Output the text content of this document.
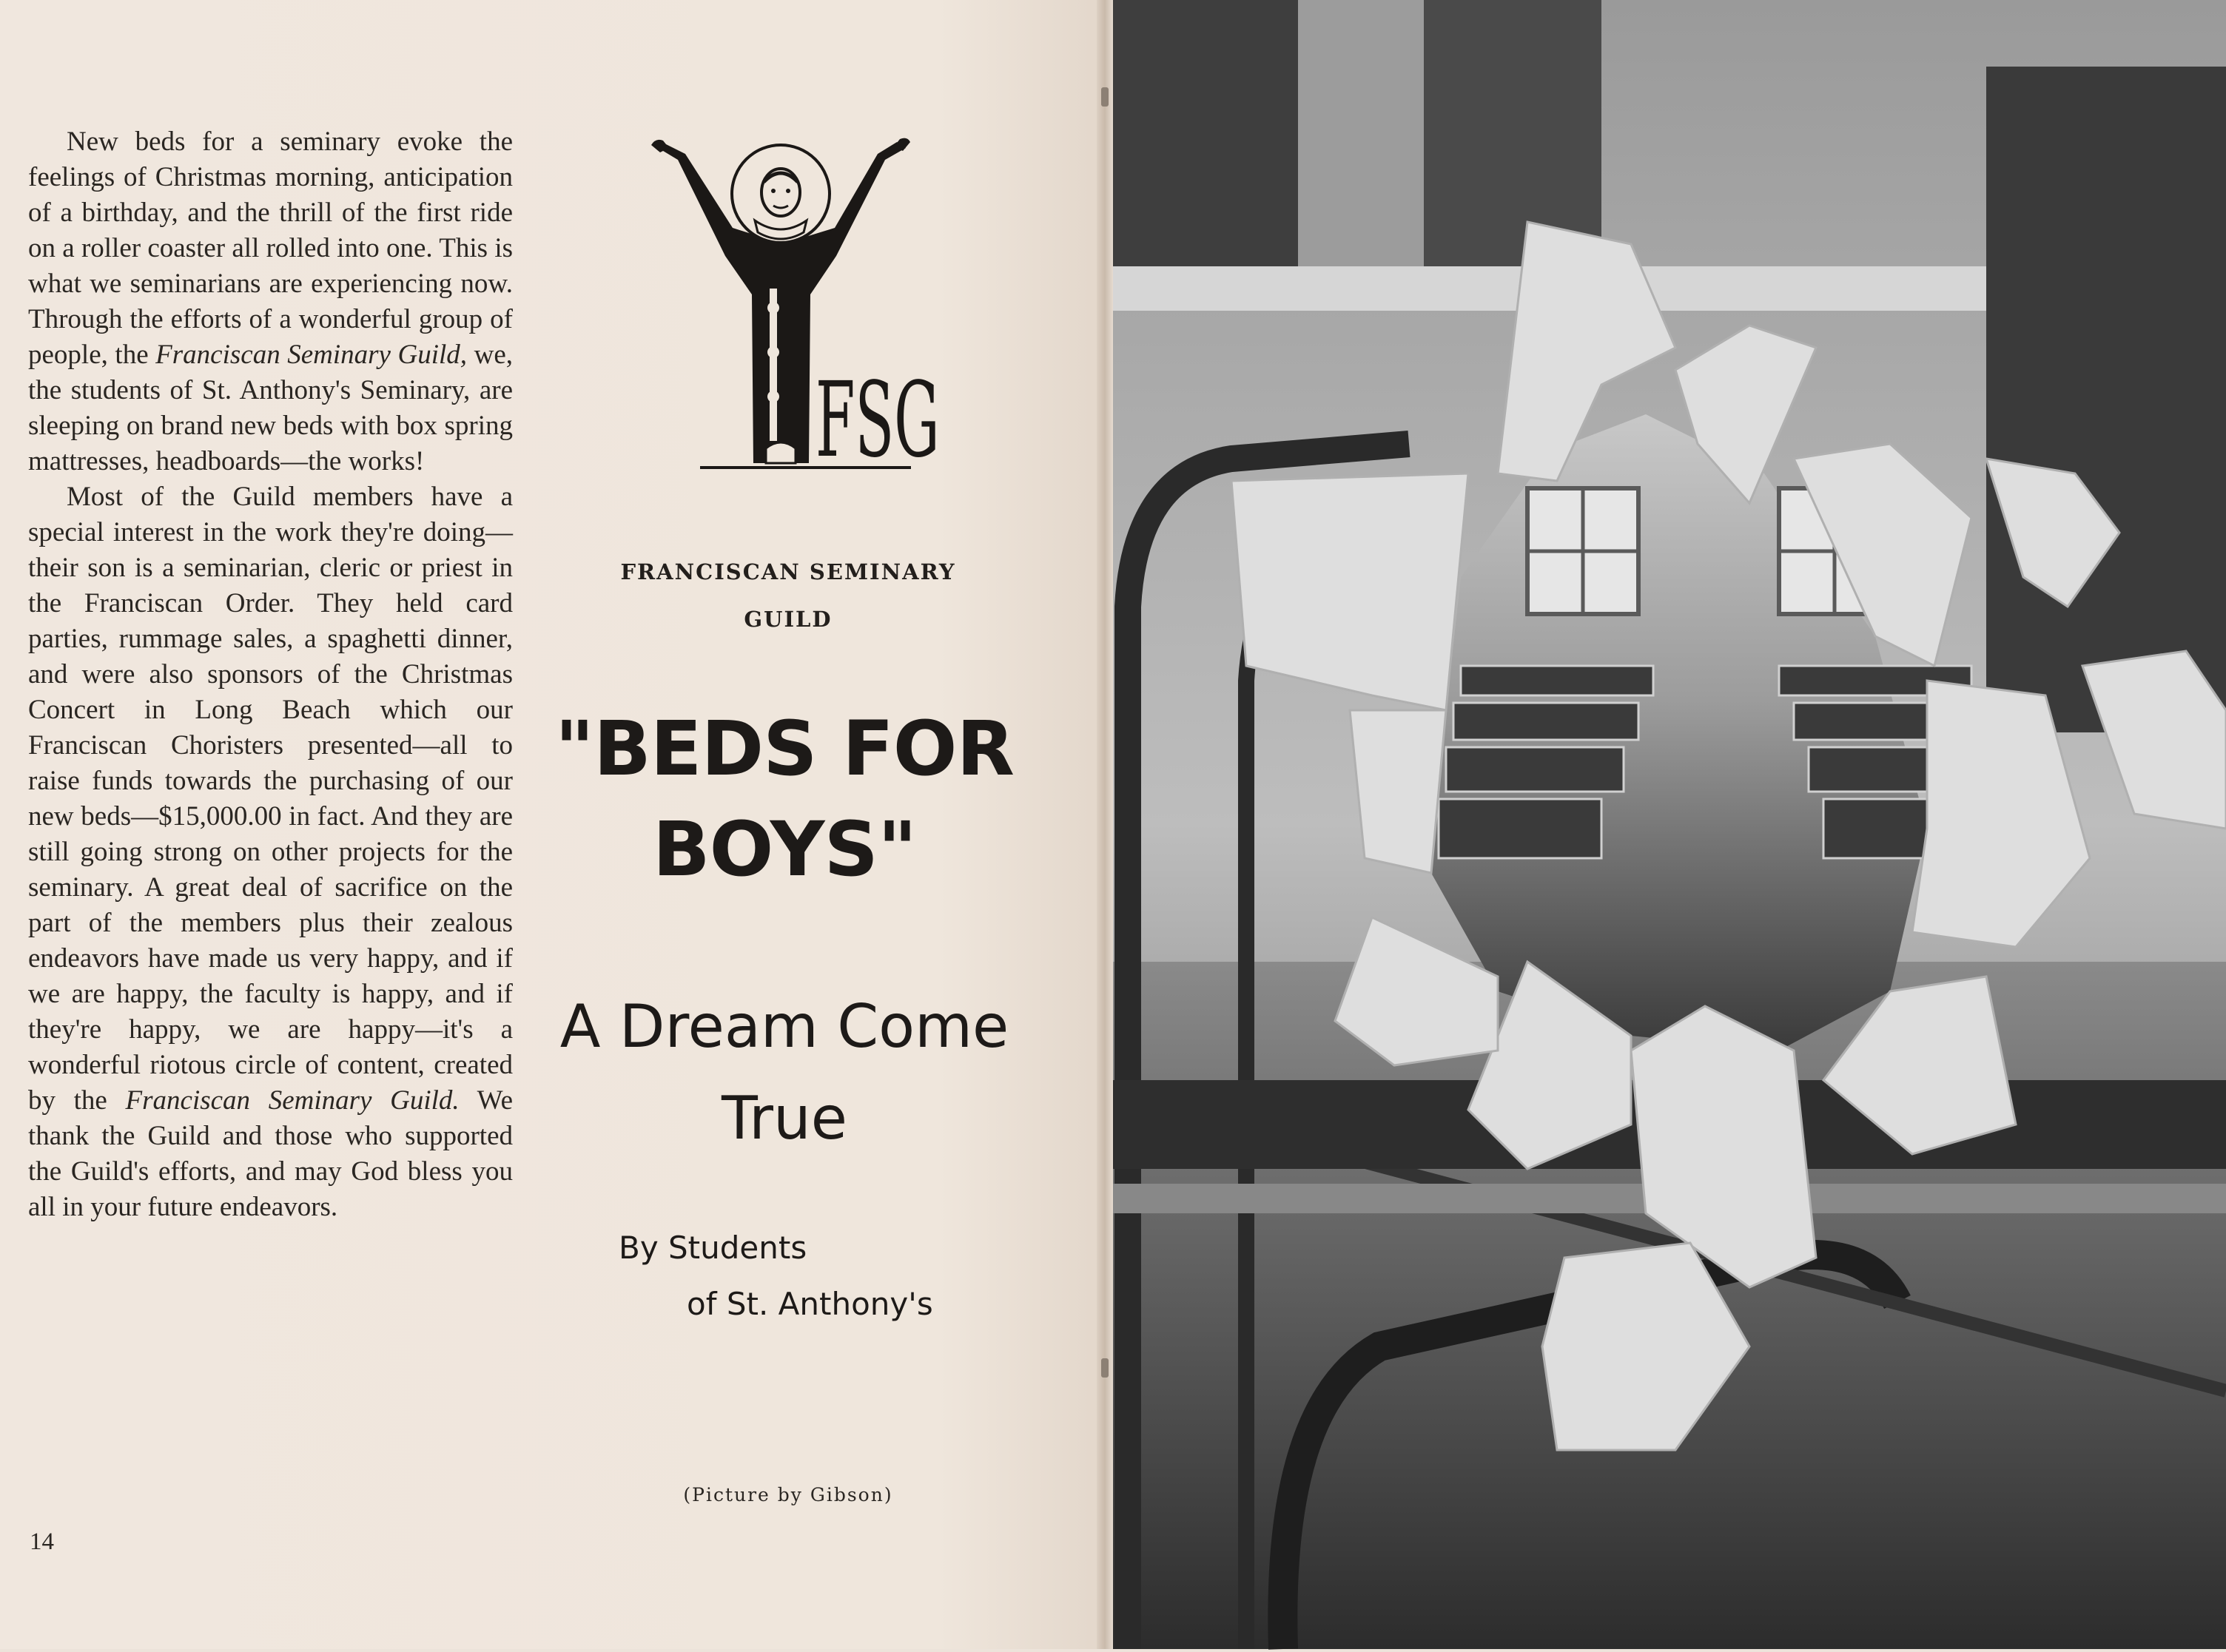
New beds for a seminary evoke the feelings of Christmas morning, anticipation of a birthday, and the thrill of the first ride on a roller coaster all rolled into one. This is what we seminarians are experiencing now. Through the efforts of a wonderful group of people, the Franciscan Seminary Guild, we, the students of St. Anthony's Seminary, are sleeping on brand new beds with box spring mattresses, headboards—the works!

Most of the Guild members have a special interest in the work they're doing—their son is a seminarian, cleric or priest in the Franciscan Order. They held card parties, rummage sales, a spaghetti dinner, and were also sponsors of the Christmas Concert in Long Beach which our Franciscan Choristers presented—all to raise funds towards the purchasing of our new beds—$15,000.00 in fact. And they are still going strong on other projects for the seminary. A great deal of sacrifice on the part of the members plus their zealous endeavors have made us very happy, and if we are happy, the faculty is happy, and if they're happy, we are happy—it's a wonderful riotous circle of content, created by the Franciscan Seminary Guild. We thank the Guild and those who supported the Guild's efforts, and may God bless you all in your future endeavors.

14
FSG
FRANCISCAN SEMINARY
GUILD
"BEDS FOR
BOYS"
A Dream Come
True
By Students
of St. Anthony's
(Picture by Gibson)
